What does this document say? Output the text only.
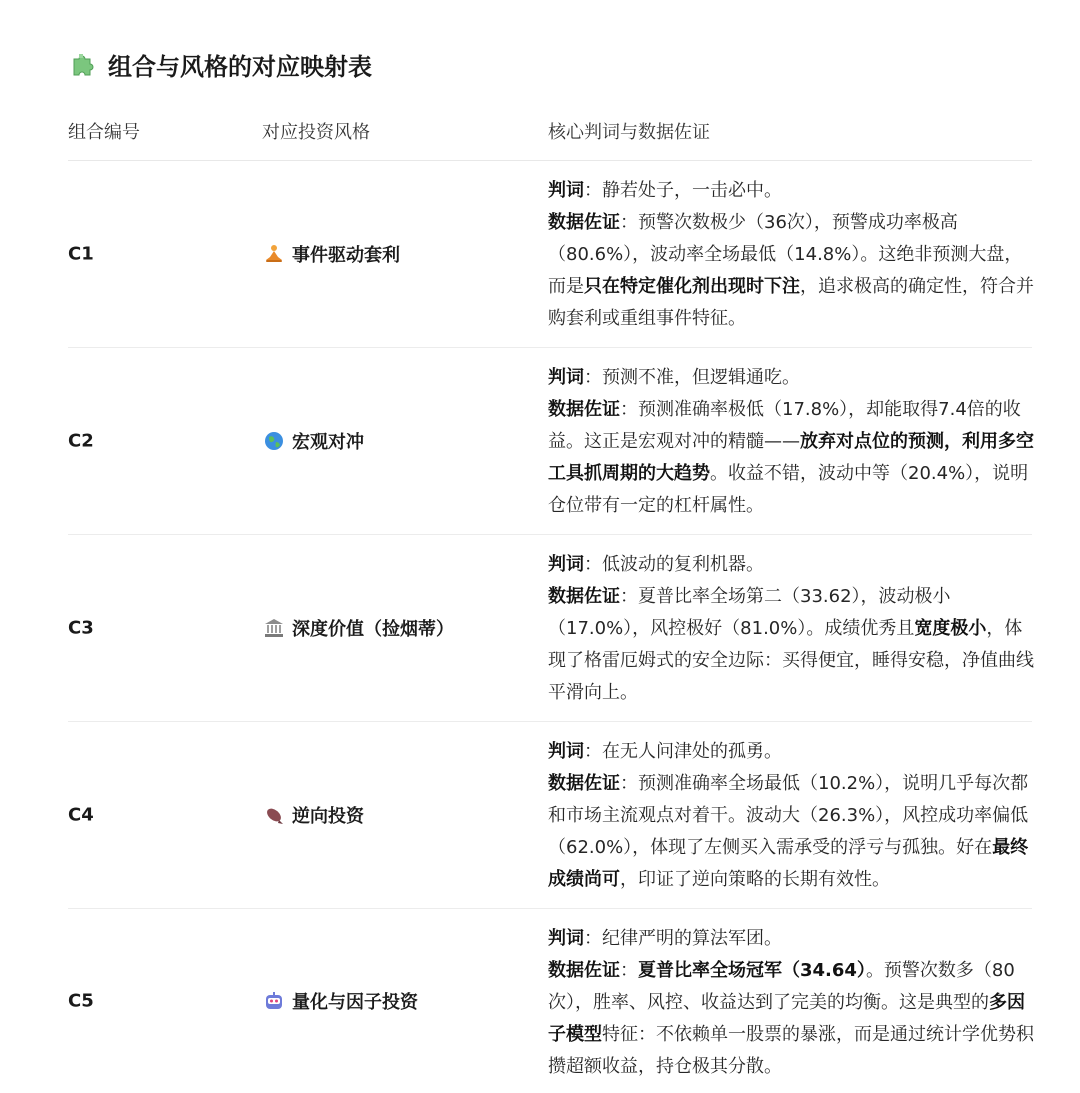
组合与风格的对应映射表
组合编号	对应投资风格	核心判词与数据佐证
C1	事件驱动套利

判词：静若处子，一击必中。

数据佐证：预警次数极少（36次），预警成功率极高（80.6%），波动率全场最低（14.8%）。这绝非预测大盘，而是只在特定催化剂出现时下注，追求极高的确定性，符合并购套利或重组事件特征。

C2	宏观对冲

判词：预测不准，但逻辑通吃。

数据佐证：预测准确率极低（17.8%），却能取得7.4倍的收益。这正是宏观对冲的精髓——放弃对点位的预测，利用多空工具抓周期的大趋势。收益不错，波动中等（20.4%），说明仓位带有一定的杠杆属性。

C3	深度价值（捡烟蒂）

判词：低波动的复利机器。

数据佐证：夏普比率全场第二（33.62），波动极小（17.0%），风控极好（81.0%）。成绩优秀且宽度极小，体现了格雷厄姆式的安全边际：买得便宜，睡得安稳，净值曲线平滑向上。

C4	逆向投资

判词：在无人问津处的孤勇。

数据佐证：预测准确率全场最低（10.2%），说明几乎每次都和市场主流观点对着干。波动大（26.3%），风控成功率偏低（62.0%），体现了左侧买入需承受的浮亏与孤独。好在最终成绩尚可，印证了逆向策略的长期有效性。

C5	量化与因子投资

判词：纪律严明的算法军团。

数据佐证：夏普比率全场冠军（34.64）。预警次数多（80次），胜率、风控、收益达到了完美的均衡。这是典型的多因子模型特征：不依赖单一股票的暴涨，而是通过统计学优势积攒超额收益，持仓极其分散。
